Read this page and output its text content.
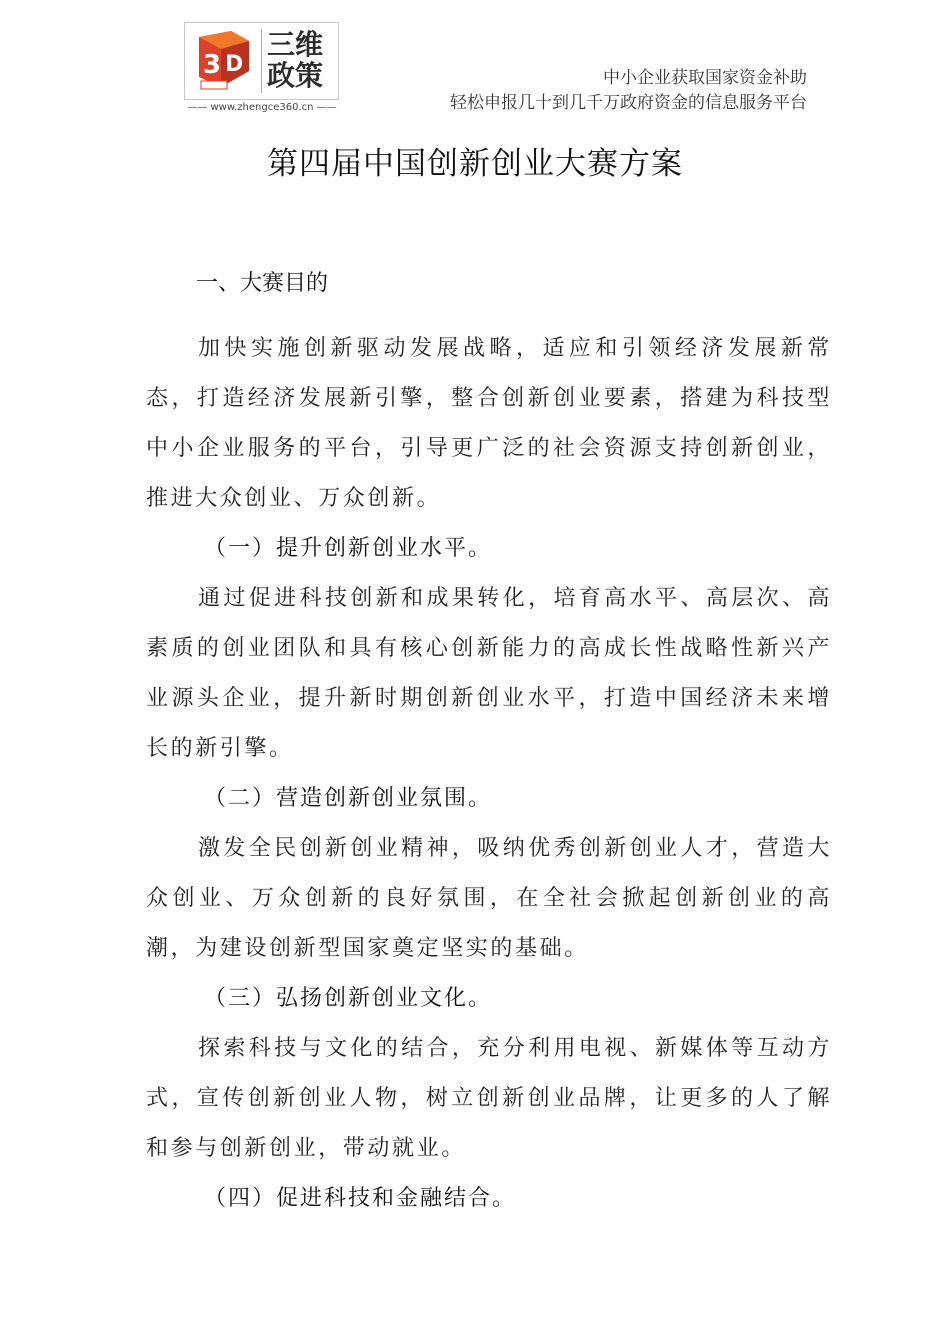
3 D
三维
政策
—— www.zhengce360.cn ——
中小企业获取国家资金补助
轻松申报几十到几千万政府资金的信息服务平台
第四届中国创新创业大赛方案
一、大赛目的

加快实施创新驱动发展战略，适应和引领经济发展新常态，打造经济发展新引擎，整合创新创业要素，搭建为科技型中小企业服务的平台，引导更广泛的社会资源支持创新创业，推进大众创业、万众创新。

（一）提升创新创业水平。

通过促进科技创新和成果转化，培育高水平、高层次、高素质的创业团队和具有核心创新能力的高成长性战略性新兴产业源头企业，提升新时期创新创业水平，打造中国经济未来增长的新引擎。

（二）营造创新创业氛围。

激发全民创新创业精神，吸纳优秀创新创业人才，营造大众创业、万众创新的良好氛围，在全社会掀起创新创业的高潮，为建设创新型国家奠定坚实的基础。

（三）弘扬创新创业文化。

探索科技与文化的结合，充分利用电视、新媒体等互动方式，宣传创新创业人物，树立创新创业品牌，让更多的人了解和参与创新创业，带动就业。

（四）促进科技和金融结合。
